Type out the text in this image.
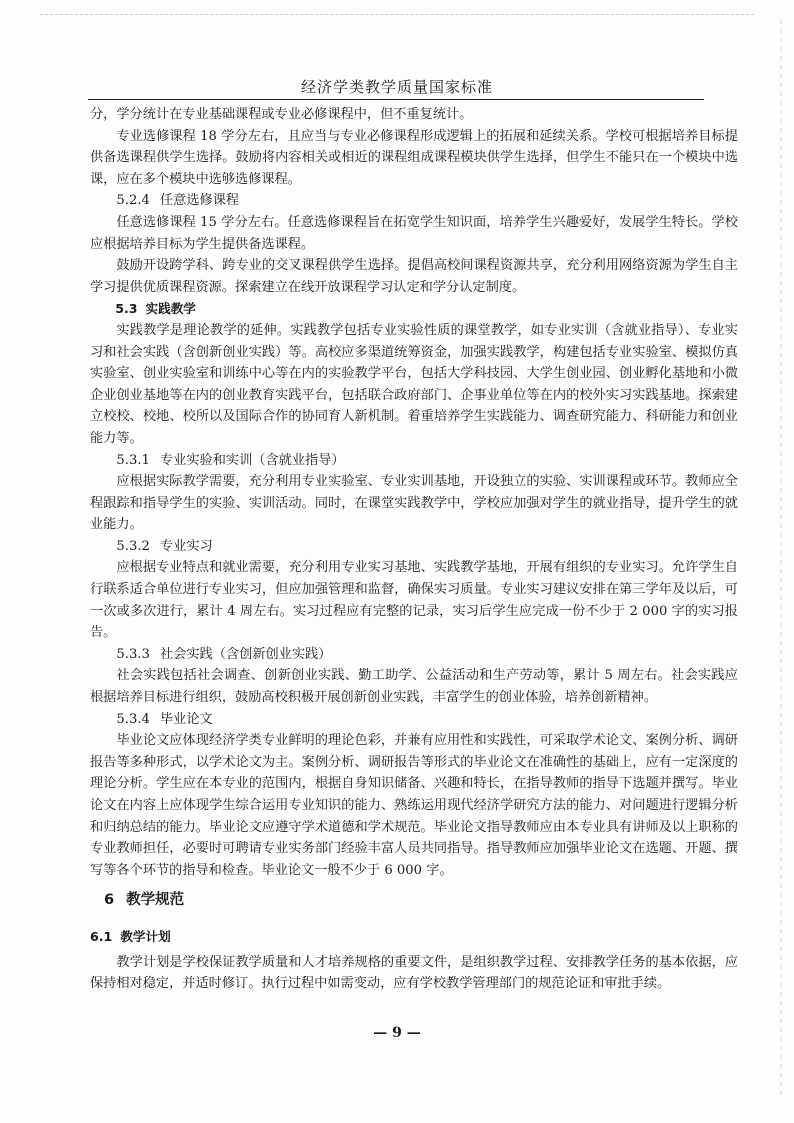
经济学类教学质量国家标准

分，学分统计在专业基础课程或专业必修课程中，但不重复统计。

专业选修课程 18 学分左右，且应当与专业必修课程形成逻辑上的拓展和延续关系。学校可根据培养目标提供备选课程供学生选择。鼓励将内容相关或相近的课程组成课程模块供学生选择，但学生不能只在一个模块中选课，应在多个模块中选够选修课程。

5.2.4 任意选修课程

任意选修课程 15 学分左右。任意选修课程旨在拓宽学生知识面，培养学生兴趣爱好，发展学生特长。学校应根据培养目标为学生提供备选课程。

鼓励开设跨学科、跨专业的交叉课程供学生选择。提倡高校间课程资源共享，充分利用网络资源为学生自主学习提供优质课程资源。探索建立在线开放课程学习认定和学分认定制度。

5.3 实践教学

实践教学是理论教学的延伸。实践教学包括专业实验性质的课堂教学，如专业实训（含就业指导）、专业实习和社会实践（含创新创业实践）等。高校应多渠道统筹资金，加强实践教学，构建包括专业实验室、模拟仿真实验室、创业实验室和训练中心等在内的实验教学平台，包括大学科技园、大学生创业园、创业孵化基地和小微企业创业基地等在内的创业教育实践平台，包括联合政府部门、企事业单位等在内的校外实习实践基地。探索建立校校、校地、校所以及国际合作的协同育人新机制。着重培养学生实践能力、调查研究能力、科研能力和创业能力等。

5.3.1 专业实验和实训（含就业指导）

应根据实际教学需要，充分利用专业实验室、专业实训基地，开设独立的实验、实训课程或环节。教师应全程跟踪和指导学生的实验、实训活动。同时，在课堂实践教学中，学校应加强对学生的就业指导，提升学生的就业能力。

5.3.2 专业实习

应根据专业特点和就业需要，充分利用专业实习基地、实践教学基地，开展有组织的专业实习。允许学生自行联系适合单位进行专业实习，但应加强管理和监督，确保实习质量。专业实习建议安排在第三学年及以后，可一次或多次进行，累计 4 周左右。实习过程应有完整的记录，实习后学生应完成一份不少于 2 000 字的实习报告。

5.3.3 社会实践（含创新创业实践）

社会实践包括社会调查、创新创业实践、勤工助学、公益活动和生产劳动等，累计 5 周左右。社会实践应根据培养目标进行组织，鼓励高校积极开展创新创业实践，丰富学生的创业体验，培养创新精神。

5.3.4 毕业论文

毕业论文应体现经济学类专业鲜明的理论色彩，并兼有应用性和实践性，可采取学术论文、案例分析、调研报告等多种形式，以学术论文为主。案例分析、调研报告等形式的毕业论文在准确性的基础上，应有一定深度的理论分析。学生应在本专业的范围内，根据自身知识储备、兴趣和特长，在指导教师的指导下选题并撰写。毕业论文在内容上应体现学生综合运用专业知识的能力、熟练运用现代经济学研究方法的能力、对问题进行逻辑分析和归纳总结的能力。毕业论文应遵守学术道德和学术规范。毕业论文指导教师应由本专业具有讲师及以上职称的专业教师担任，必要时可聘请专业实务部门经验丰富人员共同指导。指导教师应加强毕业论文在选题、开题、撰写等各个环节的指导和检查。毕业论文一般不少于 6 000 字。

6 教学规范

6.1 教学计划

教学计划是学校保证教学质量和人才培养规格的重要文件，是组织教学过程、安排教学任务的基本依据，应保持相对稳定，并适时修订。执行过程中如需变动，应有学校教学管理部门的规范论证和审批手续。

— 9 —
